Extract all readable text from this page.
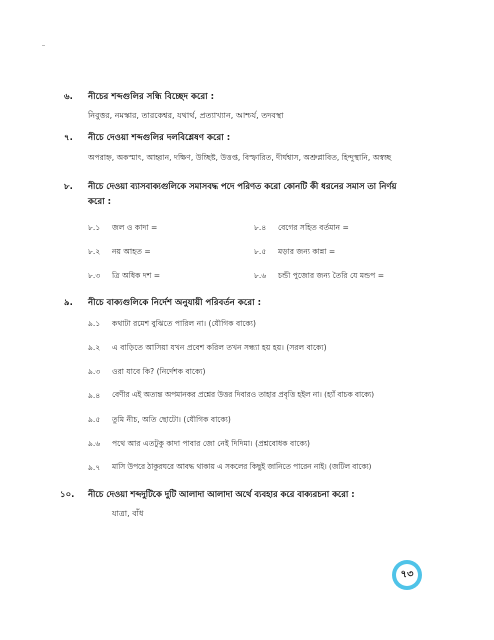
৬. নীচের শব্দগুলির সন্ধি বিচ্ছেদ করো :
নিবুত্তর, নমস্কার, তারকেশ্বর, যথার্থ, প্রত্যাখ্যান, আশ্চর্য, তদবস্থা
৭. নীচে দেওয়া শব্দগুলির দলবিশ্লেষণ করো :
অপরাহ্ন, অকস্মাৎ, আহ্বান, দক্ষিণ, উচ্ছিষ্ট, উত্তপ্ত, বিস্ফারিত, দীর্ঘশ্বাস, অশ্রুপ্লাবিত, হিন্দুস্থানি, অস্বচ্ছ
৮. নীচে দেওয়া ব্যাসবাক্যগুলিকে সমাসবদ্ধ পদে পরিণত করো কোনটি কী ধরনের সমাস তা নির্ণয়
করো :
৮.১ জল ও কাদা =	৮.৪ বেগের সহিত বর্তমান =
৮.২ নয় আহত =	৮.৫ মড়ার জন্য কান্না =
৮.৩ ত্রি অধিক দশ =	৮.৬ চন্ডী পুজোর জন্য তৈরি যে মন্ডপ =
৯. নীচে বাক্যগুলিকে নির্দেশ অনুযায়ী পরিবর্তন করো :
৯.১ কথাটা রমেশ বুঝিতে পারিল না। (যৌগিক বাক্যে)
৯.২ এ বাড়িতে আসিয়া যখন প্রবেশ করিল তখন সন্ধ্যা হয় হয়। (সরল বাক্যে)
৯.৩ ওরা যাবে কি? (নির্দেশক বাক্যে)
৯.৪ বেণীর এই অত্যন্ত অপমানকর প্রশ্নের উত্তর দিবারও তাহার প্রবৃত্তি হইল না। (হ্যাঁ বাচক বাক্যে)
৯.৫ তুমি নীচ, অতি ছোটো। (যৌগিক বাক্যে)
৯.৬ পথে আর এতটুকু কাদা পাবার জো নেই দিদিমা। (প্রশ্নবোধক বাক্যে)
৯.৭ মাসি উপরে ঠাকুরঘরে আবদ্ধ থাকায় এ সকলের কিছুই জানিতে পারেন নাই। (জটিল বাক্যে)
১০. নীচে দেওয়া শব্দদুটিকে দুটি আলাদা আলাদা অর্থে ব্যবহার করে বাক্যরচনা করো :
যাত্রা, বাঁধ
৭৩
